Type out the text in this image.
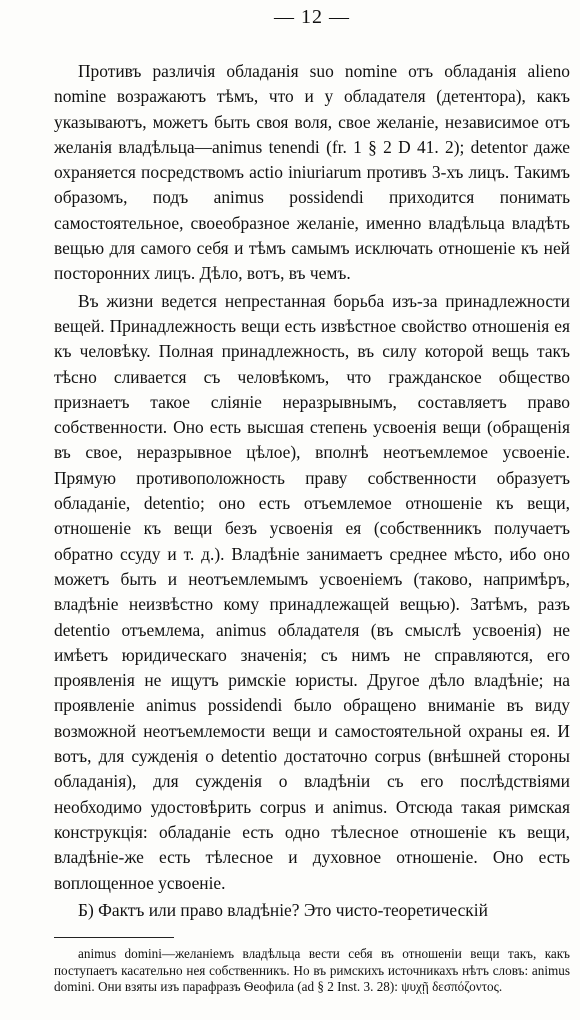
— 12 —

Противъ различія обладанія suo nomine отъ обладанія alieno nomine возражаютъ тѣмъ, что и у обладателя (детентора), какъ указываютъ, можетъ быть своя воля, свое желаніе, независимое отъ желанія владѣльца—animus tenendi (fr. 1 § 2 D 41. 2); detentor даже охраняется посредствомъ actio iniuriarum противъ 3-хъ лицъ. Такимъ образомъ, подъ animus possidendi приходится понимать самостоятельное, своеобразное желаніе, именно владѣльца владѣть вещью для самого себя и тѣмъ самымъ исключать отношеніе къ ней посторонних лицъ. Дѣло, вотъ, въ чемъ.

Въ жизни ведется непрестанная борьба изъ-за принадлежности вещей. Принадлежность вещи есть извѣстное свойство отношенія ея къ человѣку. Полная принадлежность, въ силу которой вещь такъ тѣсно сливается съ человѣкомъ, что гражданское общество признаетъ такое сліяніе неразрывнымъ, составляетъ право собственности. Оно есть высшая степень усвоенія вещи (обращенія въ свое, неразрывное цѣлое), вполнѣ неотъемлемое усвоеніе. Прямую противоположность праву собственности образуетъ обладаніе, detentio; оно есть отъемлемое отношеніе къ вещи, отношеніе къ вещи безъ усвоенія ея (собственникъ получаетъ обратно ссуду и т. д.). Владѣніе занимаетъ среднее мѣсто, ибо оно можетъ быть и неотъемлемымъ усвоеніемъ (таково, напримѣръ, владѣніе неизвѣстно кому принадлежащей вещью). Затѣмъ, разъ detentio отъемлема, animus обладателя (въ смыслѣ усвоенія) не имѣетъ юридическаго значенія; съ нимъ не справляются, его проявленія не ищутъ римскіе юристы. Другое дѣло владѣніе; на проявленіе animus possidendi было обращено вниманіе въ виду возможной неотъемлемости вещи и самостоятельной охраны ея. И вотъ, для сужденія о detentio достаточно corpus (внѣшней стороны обладанія), для сужденія о владѣніи съ его послѣдствіями необходимо удостовѣрить corpus и animus. Отсюда такая римская конструкція: обладаніе есть одно тѣлесное отношеніе къ вещи, владѣніе-же есть тѣлесное и духовное отношеніе. Оно есть воплощенное усвоеніе.

Б) Фактъ или право владѣніе? Это чисто-теоретическій

animus domini—желаніемъ владѣльца вести себя въ отношеніи вещи такъ, какъ поступаетъ касательно нея собственникъ. Но въ римскихъ источникахъ нѣтъ словъ: animus domini. Они взяты изъ парафразъ Ѳеофила (ad § 2 Inst. 3. 28): ψυχῇ δεσπόζοντος.
